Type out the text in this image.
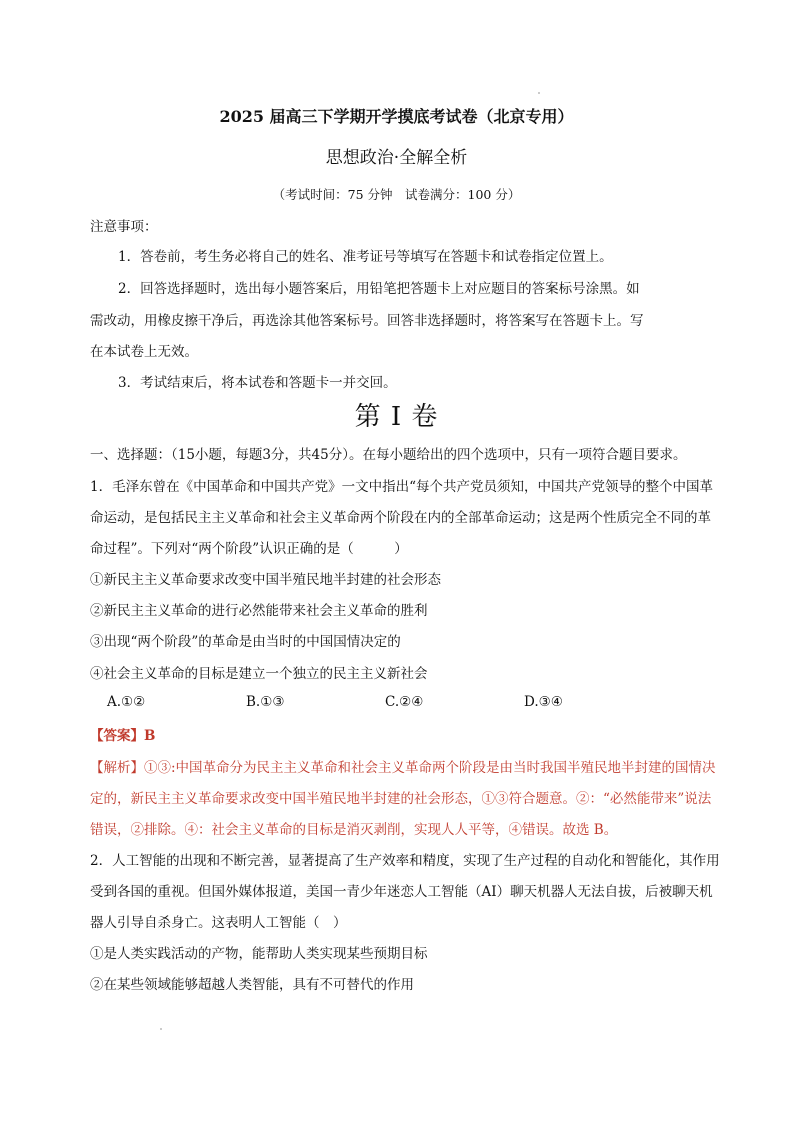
2025 届高三下学期开学摸底考试卷（北京专用）
思想政治·全解全析
（考试时间：75 分钟　试卷满分：100 分）
注意事项：
1．答卷前，考生务必将自己的姓名、准考证号等填写在答题卡和试卷指定位置上。
2．回答选择题时，选出每小题答案后，用铅笔把答题卡上对应题目的答案标号涂黑。如
需改动，用橡皮擦干净后，再选涂其他答案标号。回答非选择题时，将答案写在答题卡上。写
在本试卷上无效。
3．考试结束后，将本试卷和答题卡一并交回。
第 I 卷
一、选择题：（15小题，每题3分，共45分）。在每小题给出的四个选项中，只有一项符合题目要求。
1．毛泽东曾在《中国革命和中国共产党》一文中指出“每个共产党员须知，中国共产党领导的整个中国革
命运动，是包括民主主义革命和社会主义革命两个阶段在内的全部革命运动；这是两个性质完全不同的革
命过程”。下列对“两个阶段”认识正确的是（　　　）
①新民主主义革命要求改变中国半殖民地半封建的社会形态
②新民主主义革命的进行必然能带来社会主义革命的胜利
③出现“两个阶段”的革命是由当时的中国国情决定的
④社会主义革命的目标是建立一个独立的民主主义新社会
A.①②	B.①③	C.②④	D.③④
【答案】B
【解析】①③:中国革命分为民主主义革命和社会主义革命两个阶段是由当时我国半殖民地半封建的国情决
定的，新民主主义革命要求改变中国半殖民地半封建的社会形态，①③符合题意。②：“必然能带来”说法
错误，②排除。④：社会主义革命的目标是消灭剥削，实现人人平等，④错误。故选 B。
2．人工智能的出现和不断完善，显著提高了生产效率和精度，实现了生产过程的自动化和智能化，其作用
受到各国的重视。但国外媒体报道，美国一青少年迷恋人工智能（AI）聊天机器人无法自拔，后被聊天机
器人引导自杀身亡。这表明人工智能（　）
①是人类实践活动的产物，能帮助人类实现某些预期目标
②在某些领域能够超越人类智能，具有不可替代的作用
